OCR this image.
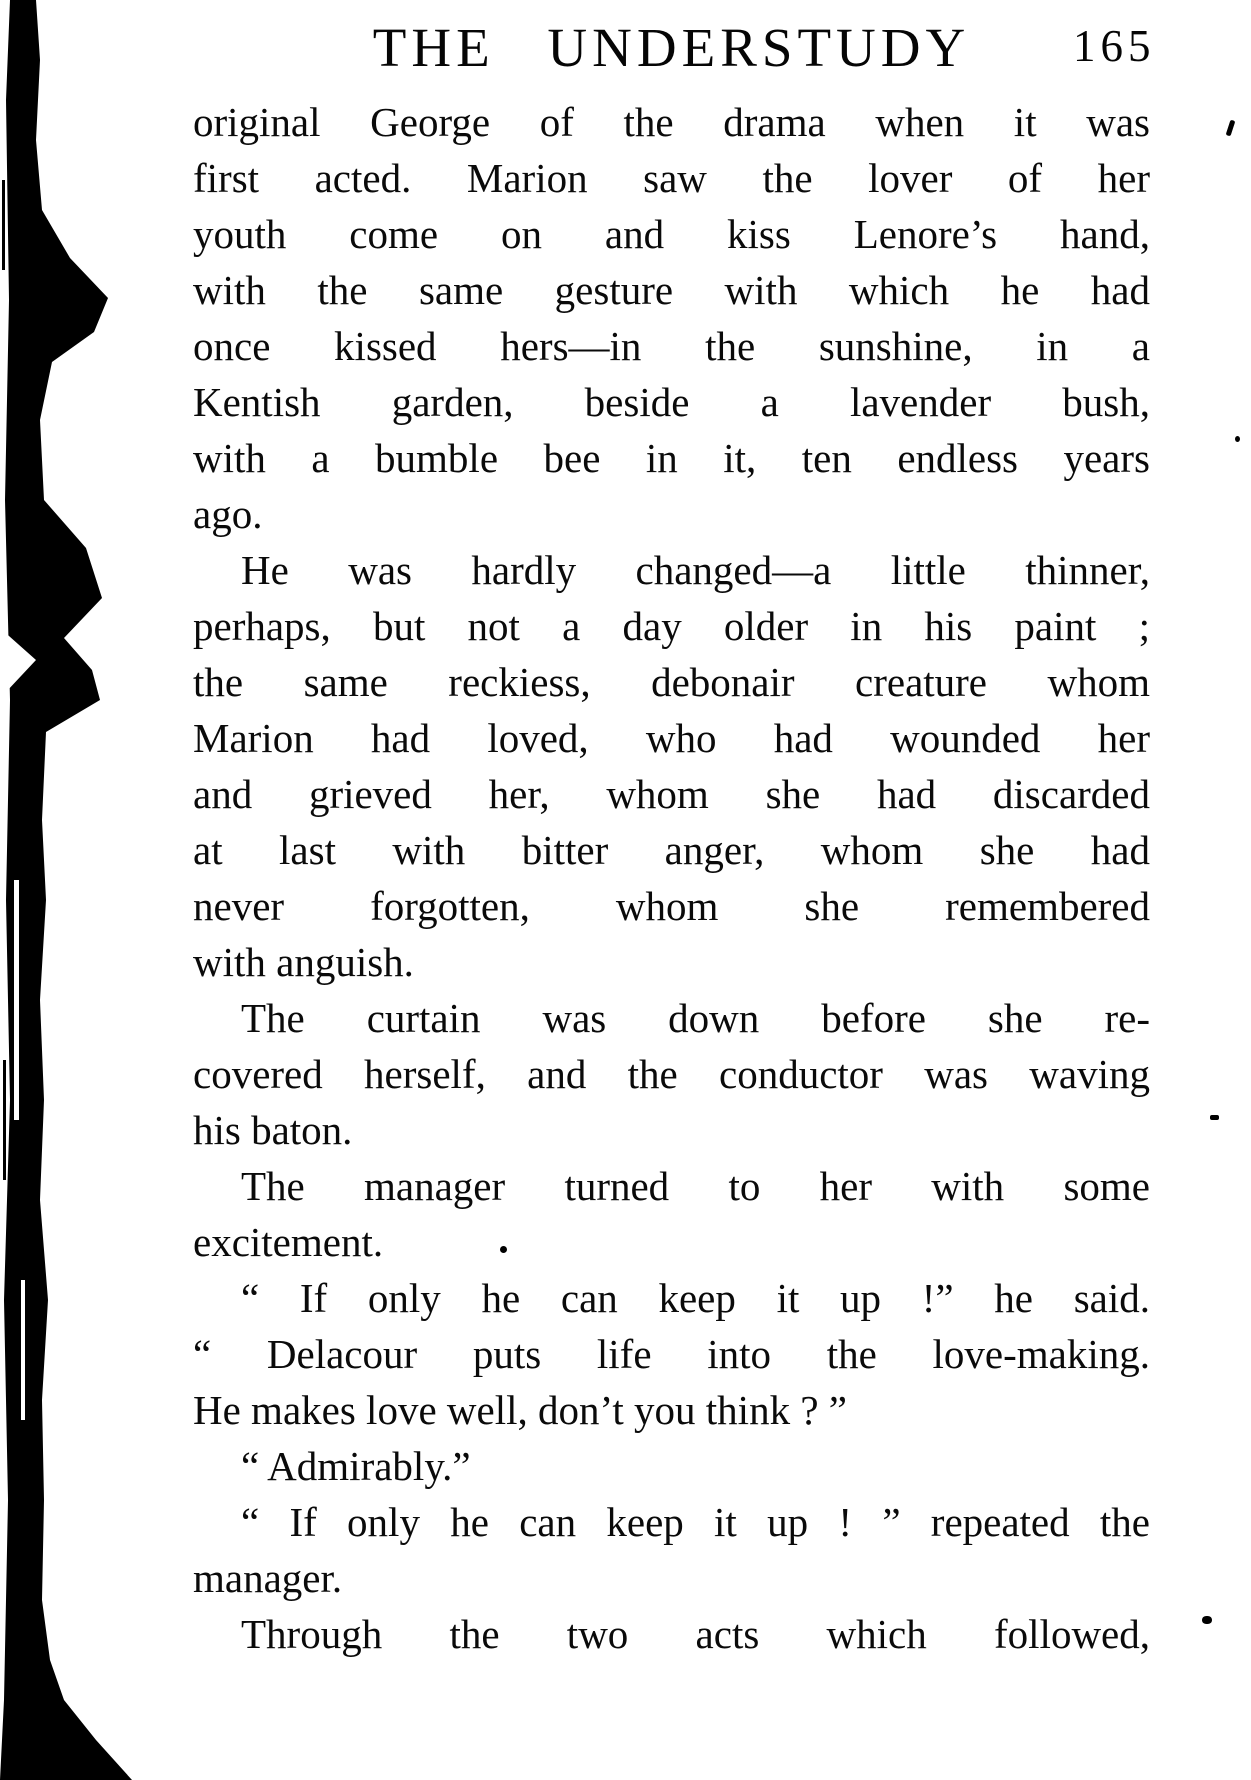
THE UNDERSTUDY 165
original George of the drama when it was
first acted. Marion saw the lover of her
youth come on and kiss Lenore’s hand,
with the same gesture with which he had
once kissed hers—in the sunshine, in a
Kentish garden, beside a lavender bush,
with a bumble bee in it, ten endless years
ago.
He was hardly changed—a little thinner,
perhaps, but not a day older in his paint ;
the same reckiess, debonair creature whom
Marion had loved, who had wounded her
and grieved her, whom she had discarded
at last with bitter anger, whom she had
never forgotten, whom she remembered
with anguish.
The curtain was down before she re-
covered herself, and the conductor was waving
his baton.
The manager turned to her with some
excitement.
“ If only he can keep it up !” he said.
“ Delacour puts life into the love-making.
He makes love well, don’t you think ? ”
“ Admirably.”
“ If only he can keep it up ! ” repeated the
manager.
Through the two acts which followed,
